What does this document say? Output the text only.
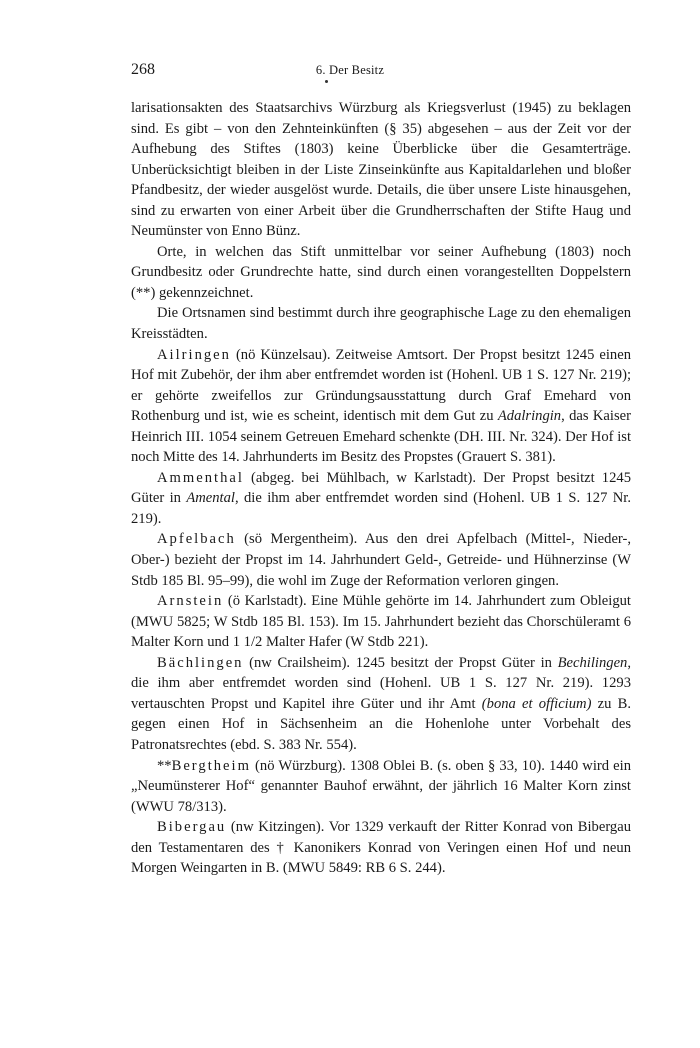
268	6. Der Besitz

larisationsakten des Staatsarchivs Würzburg als Kriegsverlust (1945) zu beklagen sind. Es gibt – von den Zehnteinkünften (§ 35) abgesehen – aus der Zeit vor der Aufhebung des Stiftes (1803) keine Überblicke über die Gesamterträge. Unberücksichtigt bleiben in der Liste Zinseinkünfte aus Kapitaldarlehen und bloßer Pfandbesitz, der wieder ausgelöst wurde. Details, die über unsere Liste hinausgehen, sind zu erwarten von einer Arbeit über die Grundherrschaften der Stifte Haug und Neumünster von Enno Bünz.

Orte, in welchen das Stift unmittelbar vor seiner Aufhebung (1803) noch Grundbesitz oder Grundrechte hatte, sind durch einen vorangestellten Doppelstern (**) gekennzeichnet.

Die Ortsnamen sind bestimmt durch ihre geographische Lage zu den ehemaligen Kreisstädten.

Ailringen (nö Künzelsau). Zeitweise Amtsort. Der Propst besitzt 1245 einen Hof mit Zubehör, der ihm aber entfremdet worden ist (Hohenl. UB 1 S. 127 Nr. 219); er gehörte zweifellos zur Gründungsausstattung durch Graf Emehard von Rothenburg und ist, wie es scheint, identisch mit dem Gut zu Adalringin, das Kaiser Heinrich III. 1054 seinem Getreuen Emehard schenkte (DH. III. Nr. 324). Der Hof ist noch Mitte des 14. Jahrhunderts im Besitz des Propstes (Grauert S. 381).

Ammenthal (abgeg. bei Mühlbach, w Karlstadt). Der Propst besitzt 1245 Güter in Amental, die ihm aber entfremdet worden sind (Hohenl. UB 1 S. 127 Nr. 219).

Apfelbach (sö Mergentheim). Aus den drei Apfelbach (Mittel-, Nieder-, Ober-) bezieht der Propst im 14. Jahrhundert Geld-, Getreide- und Hühnerzinse (W Stdb 185 Bl. 95–99), die wohl im Zuge der Reformation verloren gingen.

Arnstein (ö Karlstadt). Eine Mühle gehörte im 14. Jahrhundert zum Obleigut (MWU 5825; W Stdb 185 Bl. 153). Im 15. Jahrhundert bezieht das Chorschüleramt 6 Malter Korn und 1 1/2 Malter Hafer (W Stdb 221).

Bächlingen (nw Crailsheim). 1245 besitzt der Propst Güter in Bechilingen, die ihm aber entfremdet worden sind (Hohenl. UB 1 S. 127 Nr. 219). 1293 vertauschten Propst und Kapitel ihre Güter und ihr Amt (bona et officium) zu B. gegen einen Hof in Sächsenheim an die Hohenlohe unter Vorbehalt des Patronatsrechtes (ebd. S. 383 Nr. 554).

**Bergtheim (nö Würzburg). 1308 Oblei B. (s. oben § 33, 10). 1440 wird ein „Neumünsterer Hof“ genannter Bauhof erwähnt, der jährlich 16 Malter Korn zinst (WWU 78/313).

Bibergau (nw Kitzingen). Vor 1329 verkauft der Ritter Konrad von Bibergau den Testamentaren des † Kanonikers Konrad von Veringen einen Hof und neun Morgen Weingarten in B. (MWU 5849: RB 6 S. 244).
